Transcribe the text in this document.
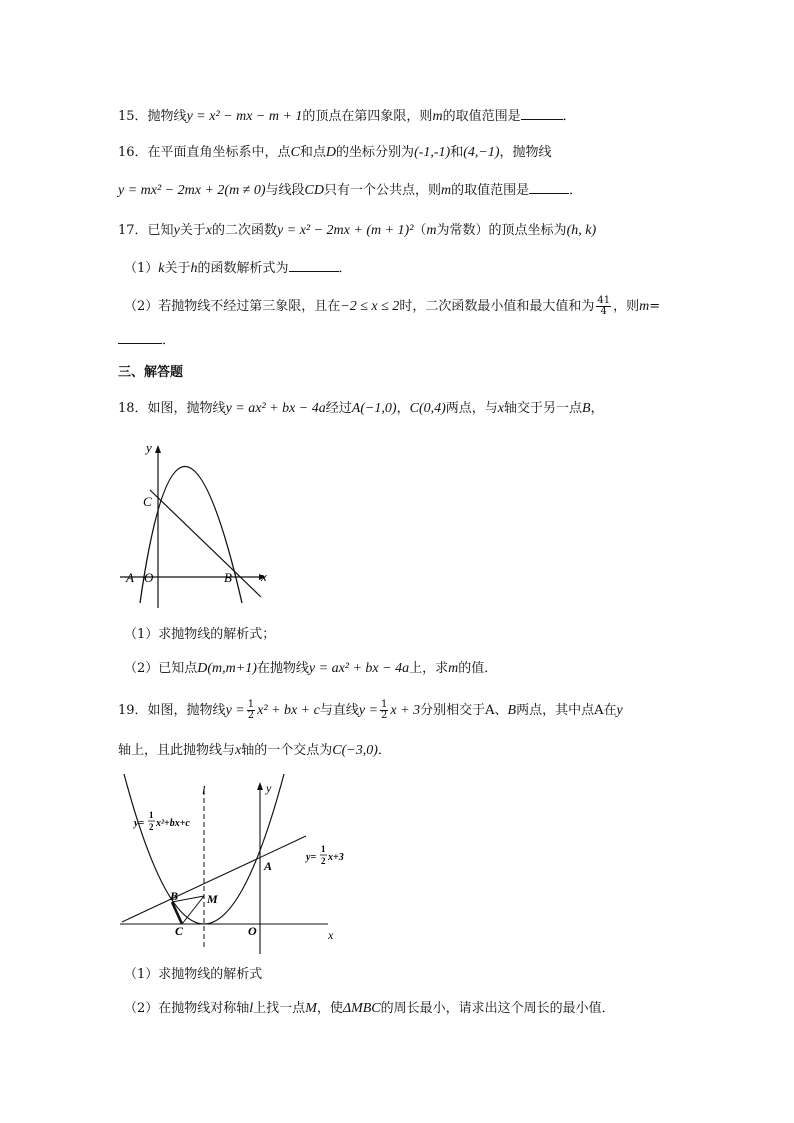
15．抛物线y = x² − mx − m + 1的顶点在第四象限，则m的取值范围是	．
16．在平面直角坐标系中，点C和点D的坐标分别为(-1,-1)和(4,−1)，抛物线
y = mx² − 2mx + 2(m ≠ 0)与线段CD只有一个公共点，则m的取值范围是	．
17．已知y关于x的二次函数y = x² − 2mx + (m + 1)²（m为常数）的顶点坐标为(h, k)
（1）k关于h的函数解析式为	．
（2）若抛物线不经过第三象限，且在−2 ≤ x ≤ 2时，二次函数最小值和最大值和为 $\frac{41}{4}$ ，则m=
．
三、解答题
18．如图，抛物线y = ax² + bx − 4a经过A(−1,0)，C(0,4)两点，与x轴交于另一点B，
y
C
A O	B x
（1）求抛物线的解析式；
（2）已知点D(m,m+1)在抛物线y = ax² + bx − 4a上，求m的值．
19．如图，抛物线$y = \frac{1}{2} x^2$ + bx + c与直线$y = \frac{1}{2}$ x + 3分别相交于A、B两点，其中点A在y
轴上，且此抛物线与x轴的一个交点为C(−3,0)．
l	y
y=
1
2 x²+bx+c
y=
1
2 x+3
A
B M
C	O	x
（1）求抛物线的解析式
（2）在抛物线对称轴l上找一点M，使ΔMBC的周长最小，请求出这个周长的最小值．
